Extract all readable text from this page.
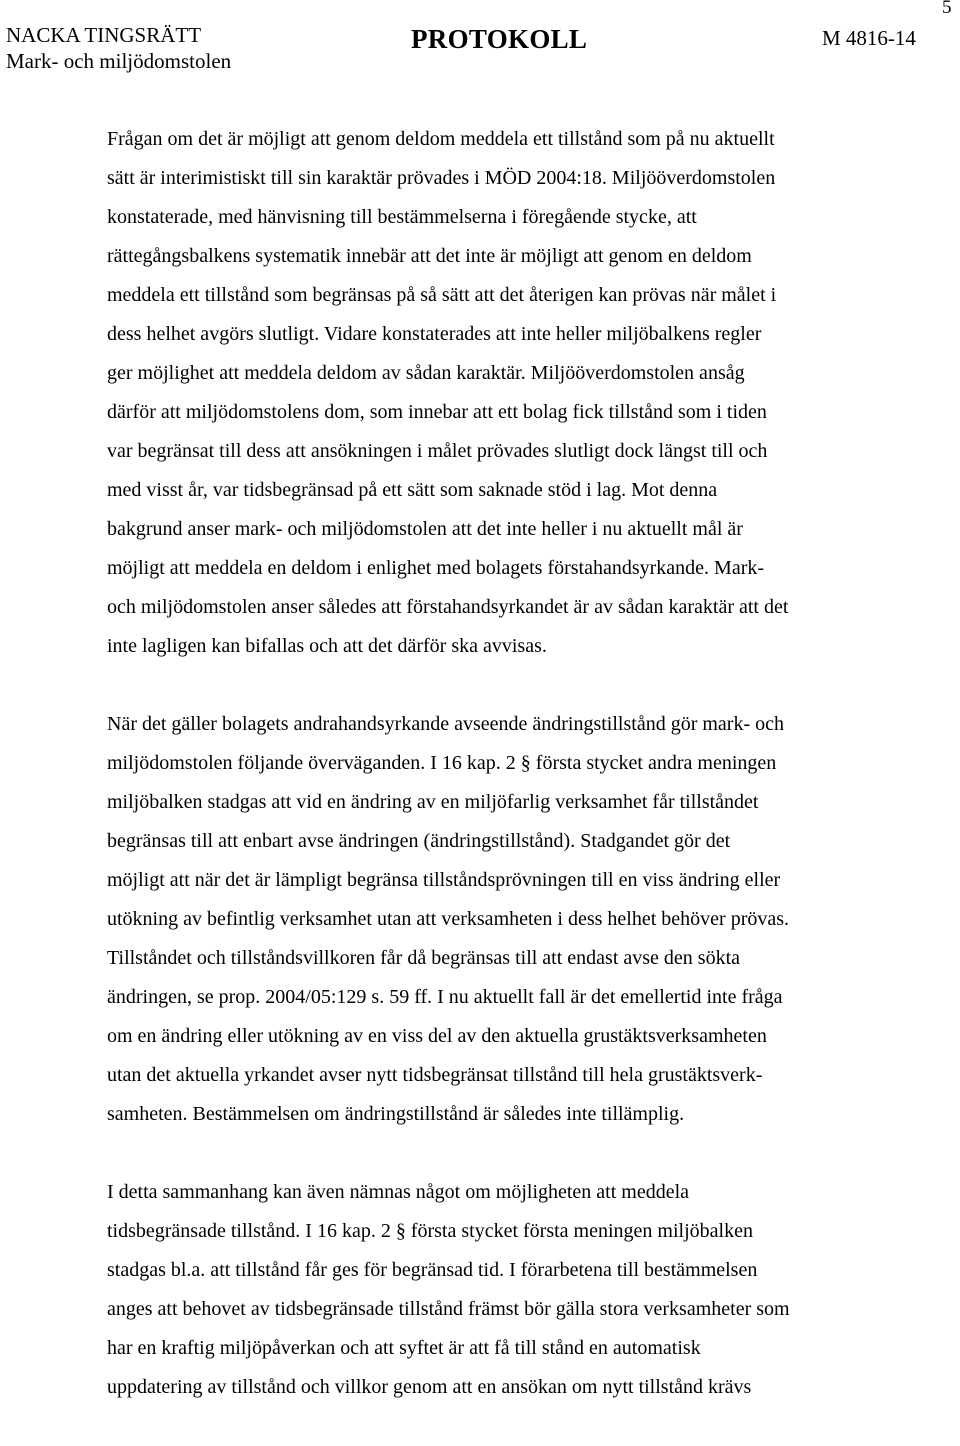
5
NACKA TINGSRÄTT
Mark- och miljödomstolen
PROTOKOLL	M 4816-14
Frågan om det är möjligt att genom deldom meddela ett tillstånd som på nu aktuellt
sätt är interimistiskt till sin karaktär prövades i MÖD 2004:18. Miljööverdomstolen
konstaterade, med hänvisning till bestämmelserna i föregående stycke, att
rättegångsbalkens systematik innebär att det inte är möjligt att genom en deldom
meddela ett tillstånd som begränsas på så sätt att det återigen kan prövas när målet i
dess helhet avgörs slutligt. Vidare konstaterades att inte heller miljöbalkens regler
ger möjlighet att meddela deldom av sådan karaktär. Miljööverdomstolen ansåg
därför att miljödomstolens dom, som innebar att ett bolag fick tillstånd som i tiden
var begränsat till dess att ansökningen i målet prövades slutligt dock längst till och
med visst år, var tidsbegränsad på ett sätt som saknade stöd i lag. Mot denna
bakgrund anser mark- och miljödomstolen att det inte heller i nu aktuellt mål är
möjligt att meddela en deldom i enlighet med bolagets förstahandsyrkande. Mark-
och miljödomstolen anser således att förstahandsyrkandet är av sådan karaktär att det
inte lagligen kan bifallas och att det därför ska avvisas.
När det gäller bolagets andrahandsyrkande avseende ändringstillstånd gör mark- och
miljödomstolen följande överväganden. I 16 kap. 2 § första stycket andra meningen
miljöbalken stadgas att vid en ändring av en miljöfarlig verksamhet får tillståndet
begränsas till att enbart avse ändringen (ändringstillstånd). Stadgandet gör det
möjligt att när det är lämpligt begränsa tillståndsprövningen till en viss ändring eller
utökning av befintlig verksamhet utan att verksamheten i dess helhet behöver prövas.
Tillståndet och tillståndsvillkoren får då begränsas till att endast avse den sökta
ändringen, se prop. 2004/05:129 s. 59 ff. I nu aktuellt fall är det emellertid inte fråga
om en ändring eller utökning av en viss del av den aktuella grustäktsverksamheten
utan det aktuella yrkandet avser nytt tidsbegränsat tillstånd till hela grustäktsverk-
samheten. Bestämmelsen om ändringstillstånd är således inte tillämplig.
I detta sammanhang kan även nämnas något om möjligheten att meddela
tidsbegränsade tillstånd. I 16 kap. 2 § första stycket första meningen miljöbalken
stadgas bl.a. att tillstånd får ges för begränsad tid. I förarbetena till bestämmelsen
anges att behovet av tidsbegränsade tillstånd främst bör gälla stora verksamheter som
har en kraftig miljöpåverkan och att syftet är att få till stånd en automatisk
uppdatering av tillstånd och villkor genom att en ansökan om nytt tillstånd krävs
